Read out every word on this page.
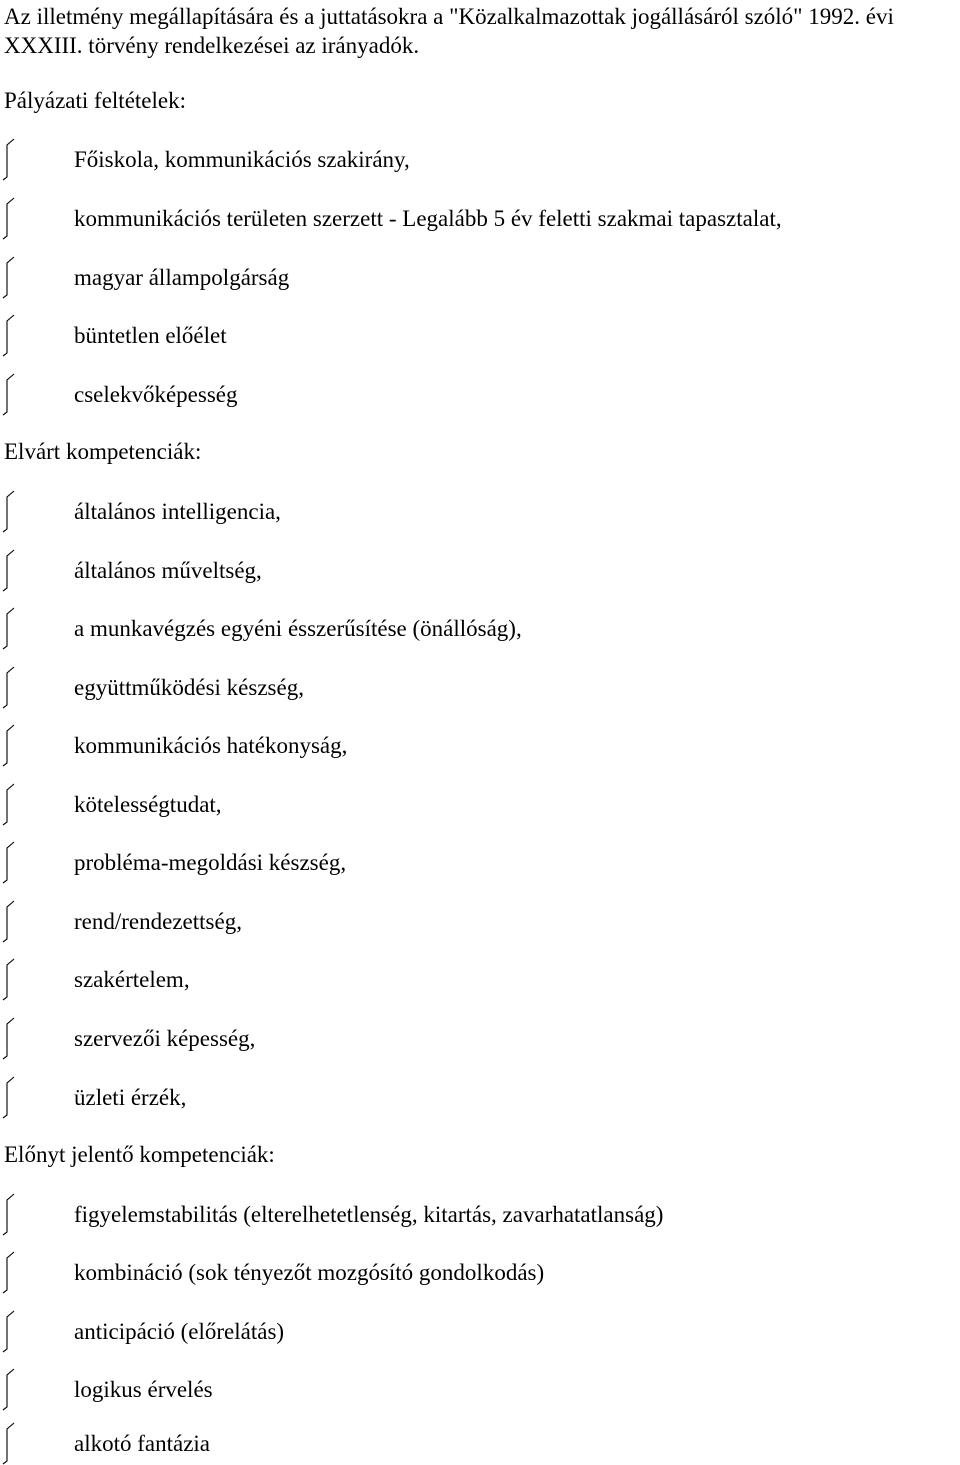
Az illetmény megállapítására és a juttatásokra a "Közalkalmazottak jogállásáról szóló" 1992. évi XXXIII. törvény rendelkezései az irányadók.

Pályázati feltételek:

Főiskola, kommunikációs szakirány,
kommunikációs területen szerzett - Legalább 5 év feletti szakmai tapasztalat,
magyar állampolgárság
büntetlen előélet
cselekvőképesség

Elvárt kompetenciák:

általános intelligencia,
általános műveltség,
a munkavégzés egyéni ésszerűsítése (önállóság),
együttműködési készség,
kommunikációs hatékonyság,
kötelességtudat,
probléma-megoldási készség,
rend/rendezettség,
szakértelem,
szervezői képesség,
üzleti érzék,

Előnyt jelentő kompetenciák:

figyelemstabilitás (elterelhetetlenség, kitartás, zavarhatatlanság)
kombináció (sok tényezőt mozgósító gondolkodás)
anticipáció (előrelátás)
logikus érvelés
alkotó fantázia
